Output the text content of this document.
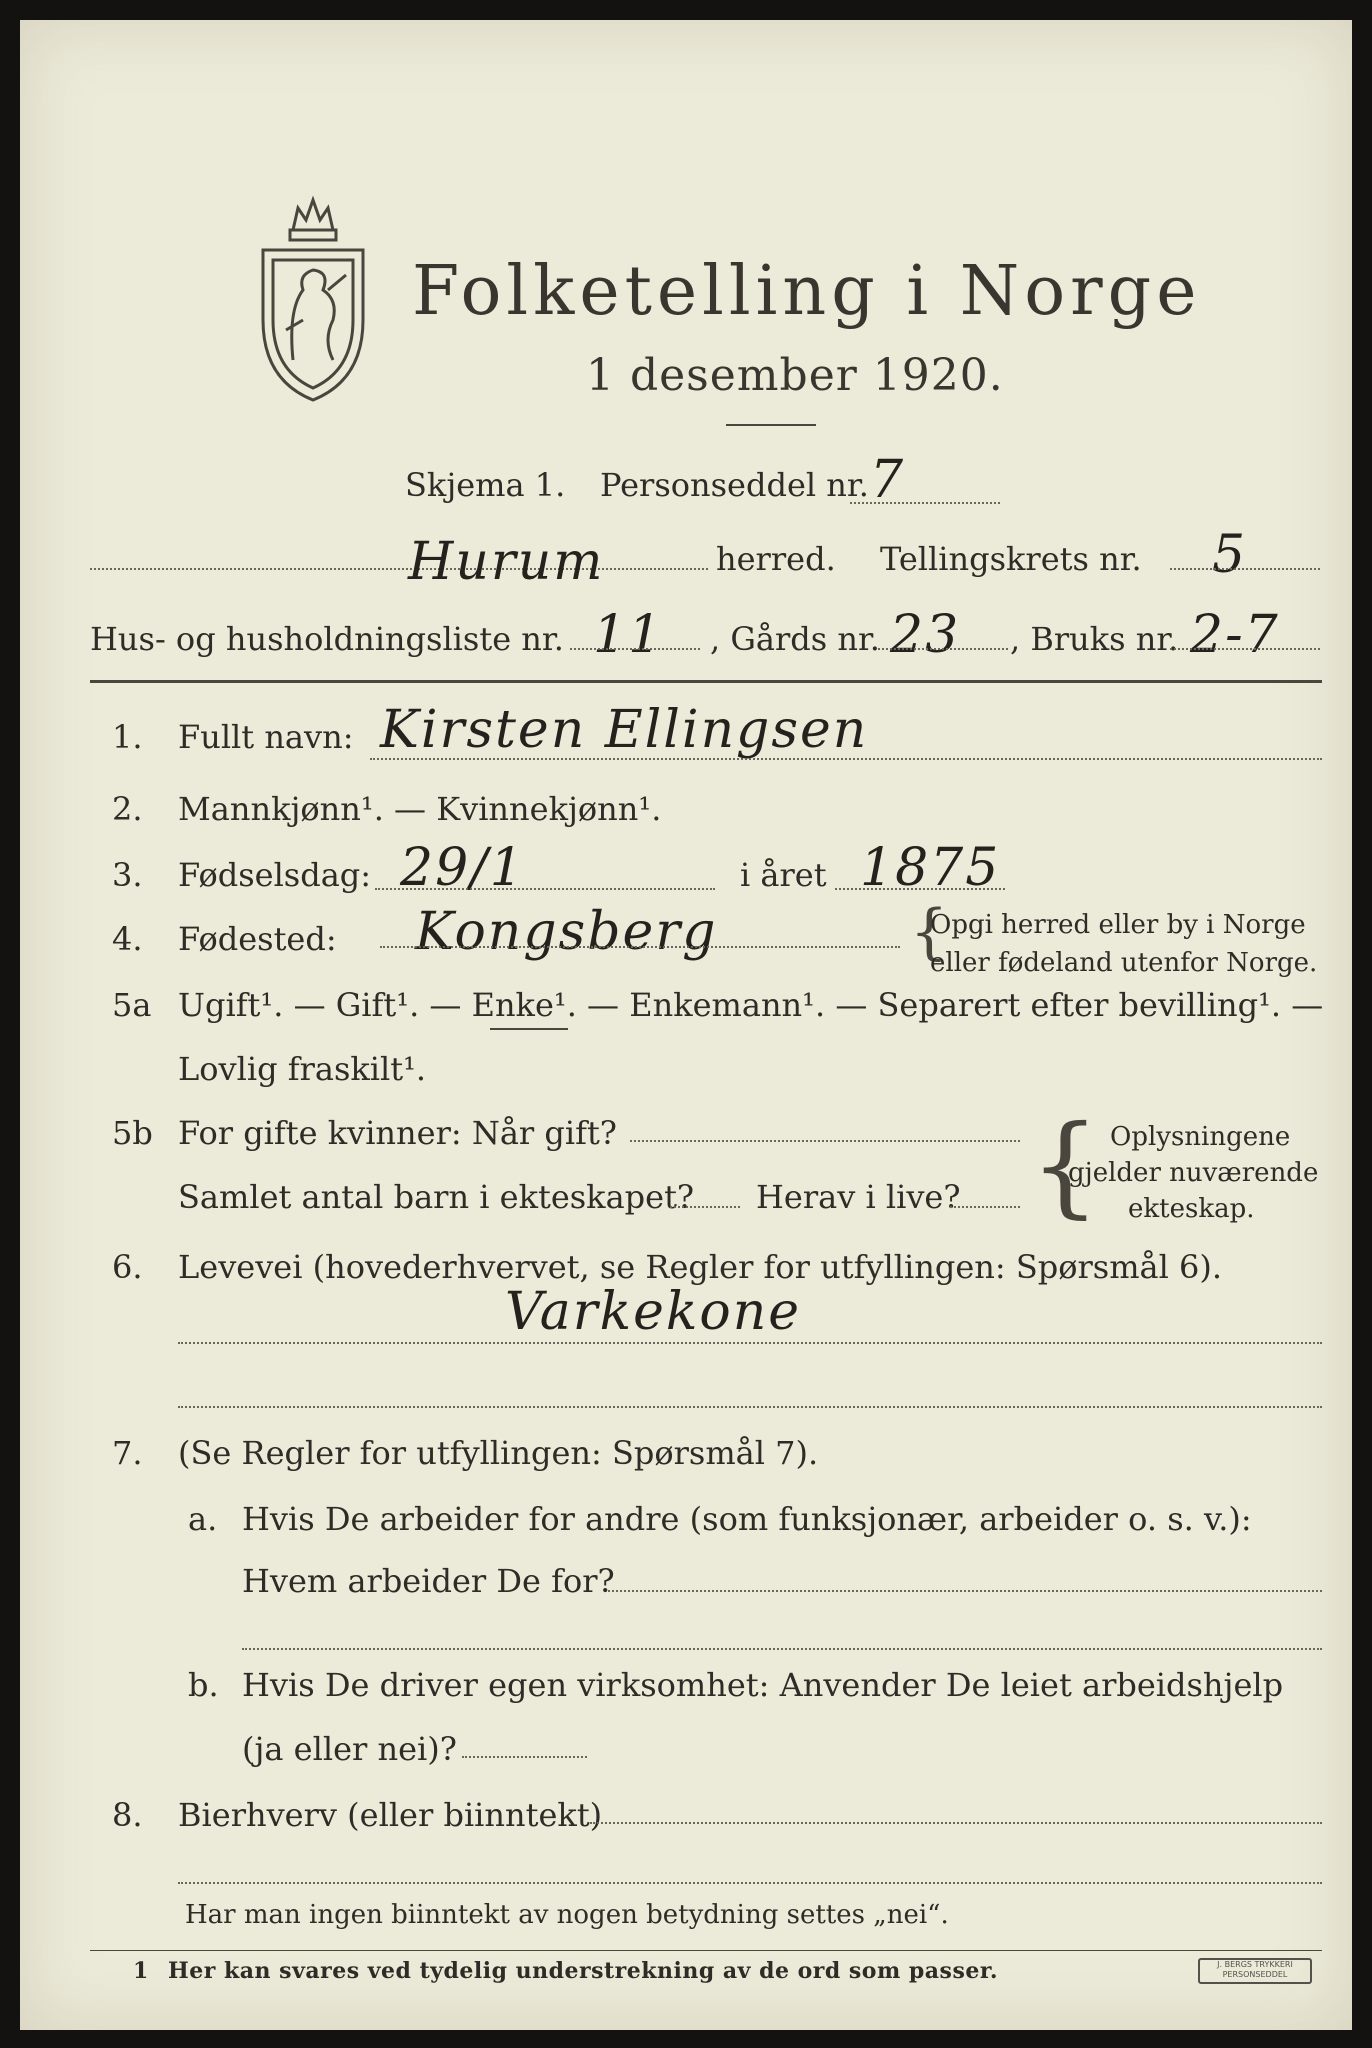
Folketelling i Norge
1 desember 1920.
Skjema 1. Personseddel nr. 7
Hurum	herred. Tellingskrets nr. 5
Hus- og husholdningsliste nr. 11 , Gårds nr. 23 , Bruks nr. 2-7
1. Fullt navn: Kirsten Ellingsen
2. Mannkjønn¹. — Kvinnekjønn¹.
3. Fødselsdag: 29/1	i året 1875
4. Fødested: Kongsberg	{
Opgi herred eller by i Norge
eller fødeland utenfor Norge.
5a Ugift¹. — Gift¹. — Enke¹. — Enkemann¹. — Separert efter bevilling¹. —
Lovlig fraskilt¹.
5b For gifte kvinner: Når gift?
Samlet antal barn i ekteskapet? Herav i live? { Oplysningene
gjelder nuværende
ekteskap.
6. Levevei (hovederhvervet, se Regler for utfyllingen: Spørsmål 6).
Varkekone
7. (Se Regler for utfyllingen: Spørsmål 7).
a. Hvis De arbeider for andre (som funksjonær, arbeider o. s. v.):
Hvem arbeider De for?
b. Hvis De driver egen virksomhet: Anvender De leiet arbeidshjelp
(ja eller nei)?
8. Bierhverv (eller biinntekt)
Har man ingen biinntekt av nogen betydning settes „nei“.
1 Her kan svares ved tydelig understrekning av de ord som passer.	J. BERGS TRYKKERI PERSONSEDDEL
